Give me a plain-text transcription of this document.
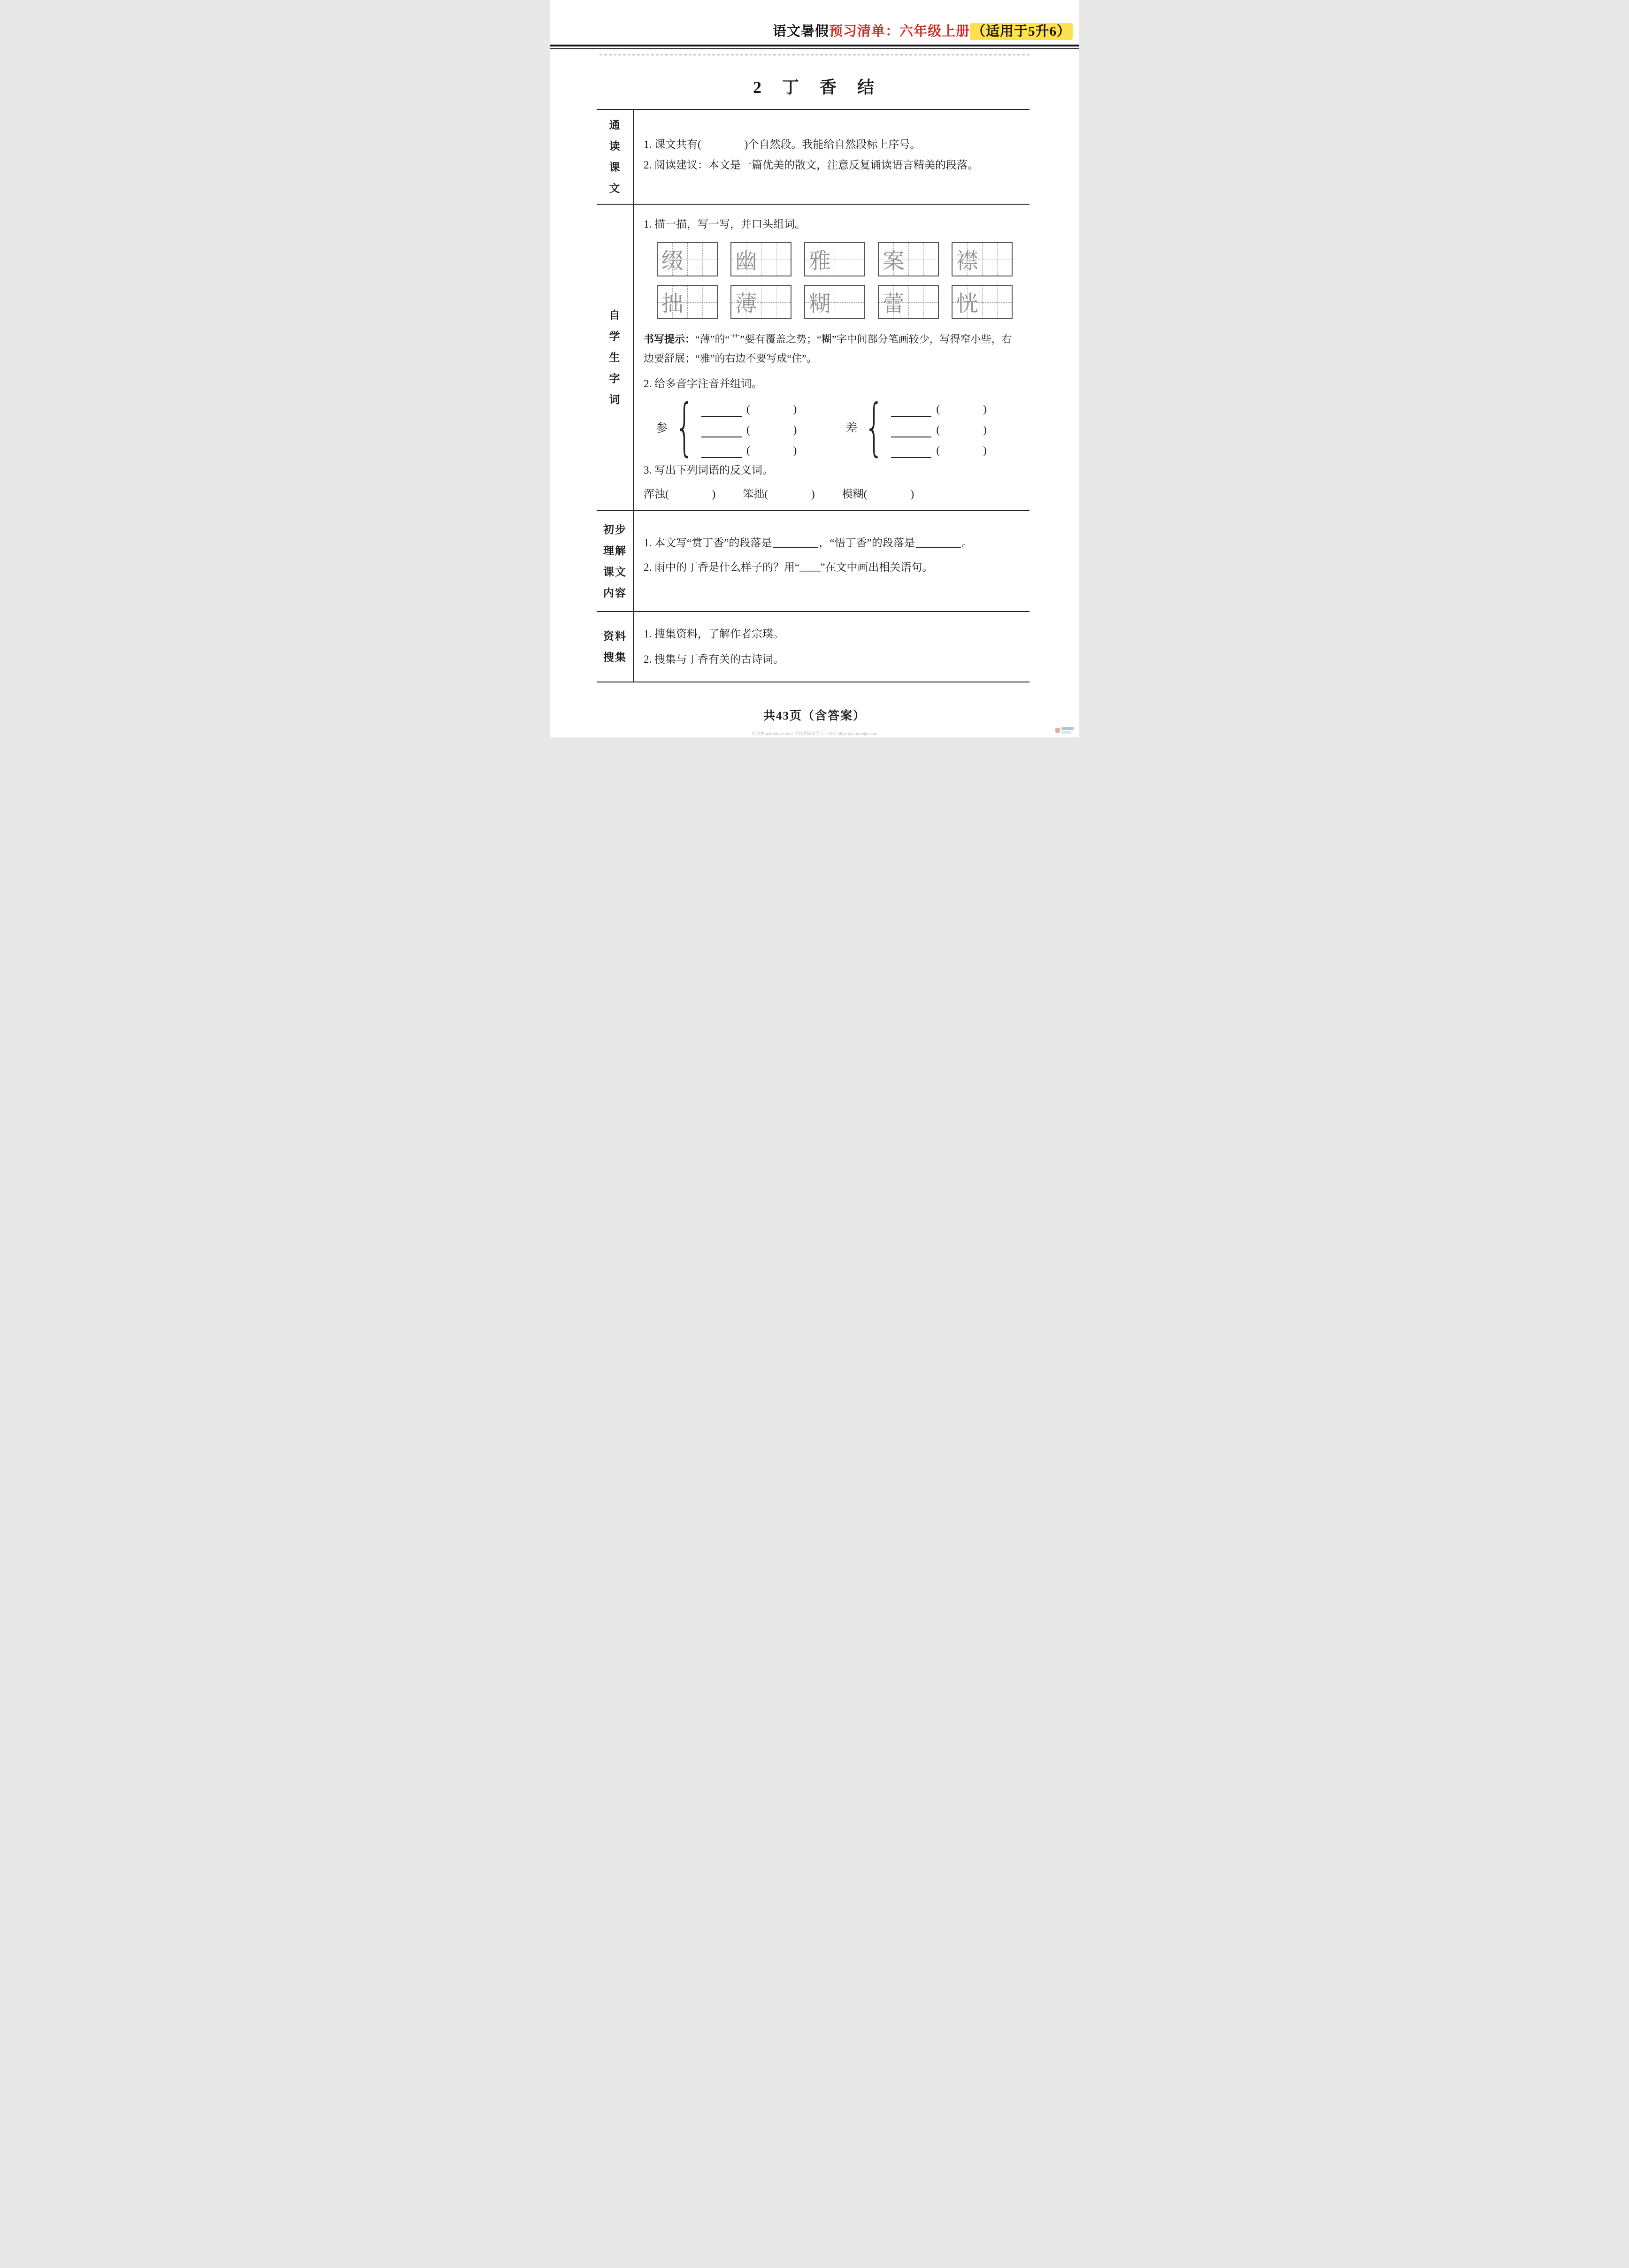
语文暑假预习清单：六年级上册 （适用于5升6）
2　丁　香　结
通
读
课
文
1. 课文共有(　　　　)个自然段。我能给自然段标上序号。
2. 阅读建议：本文是一篇优美的散文，注意反复诵读语言精美的段落。
自
学
生
字
词
1. 描一描，写一写，并口头组词。
缀 幽 雅 案 襟
拙 薄 糊 蕾 恍
书写提示：“薄”的“艹”要有覆盖之势；“糊”字中间部分笔画较少，写得窄小些，右边要舒展；“雅”的右边不要写成“住”。
2. 给多音字注音并组词。
参 {	(　　　　)
(　　　　)
(　　　　)
差 {	(　　　　)
(　　　　)
(　　　　)
3. 写出下列词语的反义词。
浑浊(　　　　)	笨拙(　　　　)	模糊(　　　　)
初步
理解
课文
内容
1. 本文写“赏丁香”的段落是	，“悟丁香”的段落是	。
2. 雨中的丁香是什么样子的？用“﹏﹏”在文中画出相关语句。
资料
搜集
1. 搜集资料，了解作者宗璞。
2. 搜集与丁香有关的古诗词。
共43页（含答案）
简单教-jiandanjie.com-学科网简单学习一条街 https://jiandanjie.com
